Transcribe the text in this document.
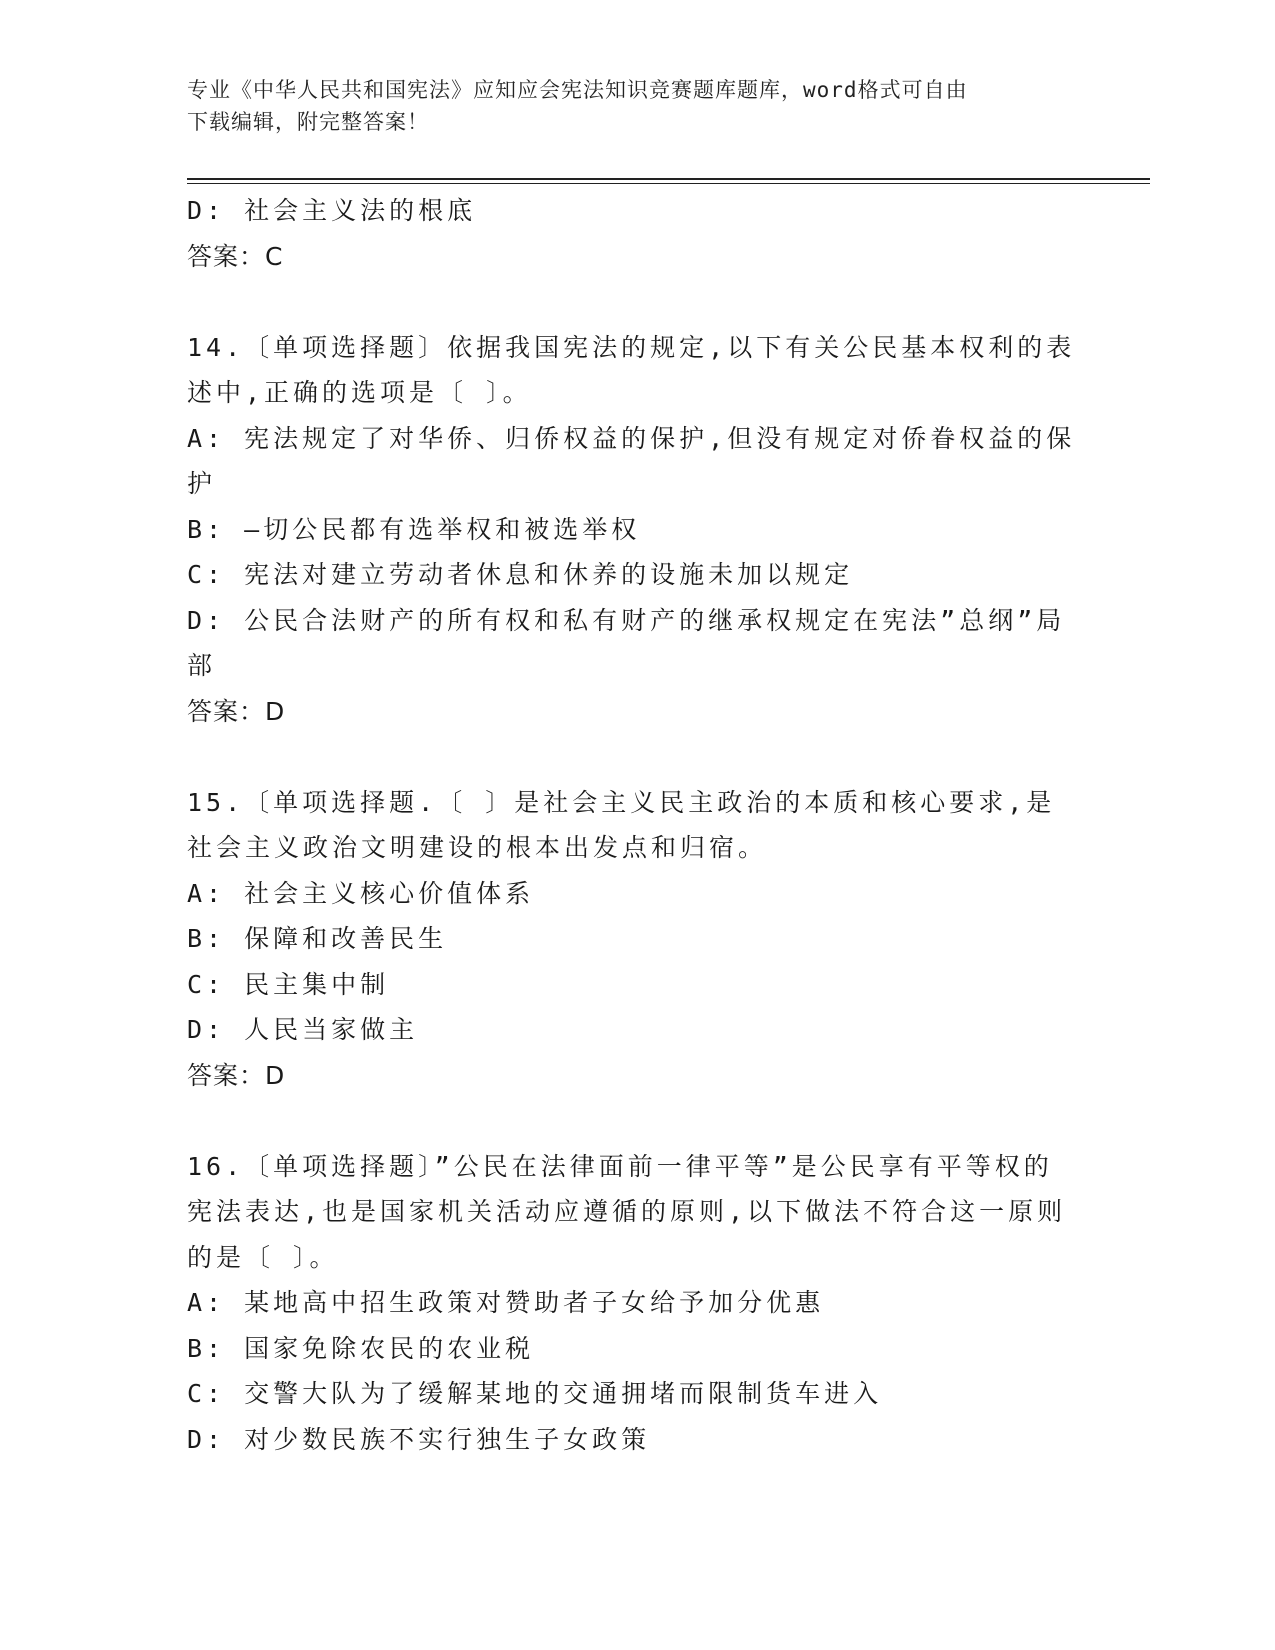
专业《中华人民共和国宪法》应知应会宪法知识竞赛题库题库，word格式可自由
下载编辑，附完整答案！
D: 社会主义法的根底
答案：C
14.〔单项选择题〕依据我国宪法的规定,以下有关公民基本权利的表
述中,正确的选项是〔 〕。
A: 宪法规定了对华侨、归侨权益的保护,但没有规定对侨眷权益的保
护
B: —切公民都有选举权和被选举权
C: 宪法对建立劳动者休息和休养的设施未加以规定
D: 公民合法财产的所有权和私有财产的继承权规定在宪法”总纲”局
部
答案：D
15.〔单项选择题.〔 〕是社会主义民主政治的本质和核心要求,是
社会主义政治文明建设的根本出发点和归宿。
A: 社会主义核心价值体系
B: 保障和改善民生
C: 民主集中制
D: 人民当家做主
答案：D
16.〔单项选择题〕”公民在法律面前一律平等”是公民享有平等权的
宪法表达,也是国家机关活动应遵循的原则,以下做法不符合这一原则
的是〔 〕。
A: 某地高中招生政策对赞助者子女给予加分优惠
B: 国家免除农民的农业税
C: 交警大队为了缓解某地的交通拥堵而限制货车进入
D: 对少数民族不实行独生子女政策
